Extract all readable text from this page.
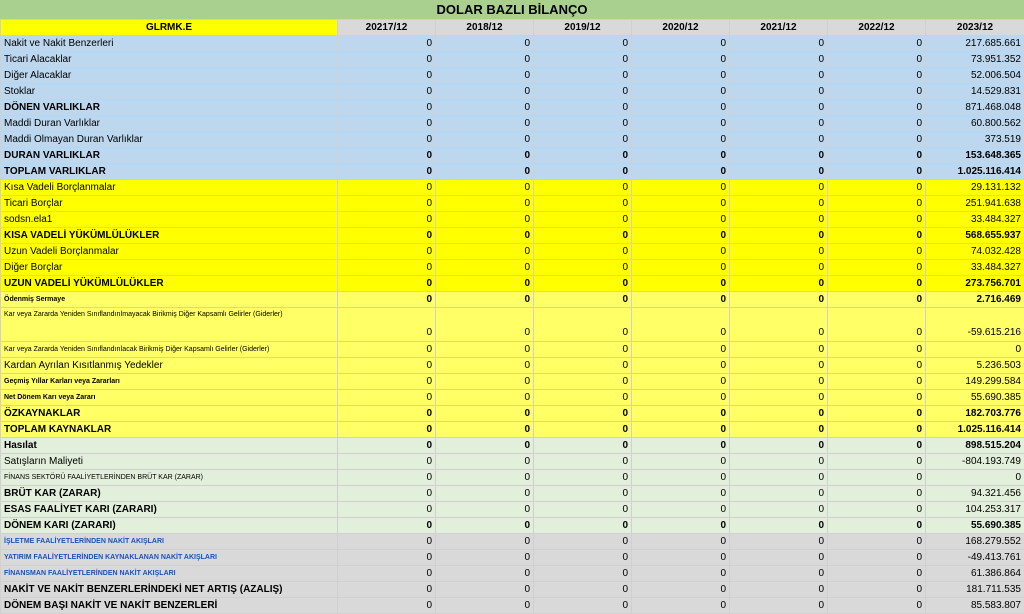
DOLAR BAZLI BİLANÇO
GLRMK.E	20217/12	2018/12	2019/12	2020/12	2021/12	2022/12	2023/12
Nakit ve Nakit Benzerleri	0	0	0	0	0	0	217.685.661
Ticari Alacaklar	0	0	0	0	0	0	73.951.352
Diğer Alacaklar	0	0	0	0	0	0	52.006.504
Stoklar	0	0	0	0	0	0	14.529.831
DÖNEN VARLIKLAR	0	0	0	0	0	0	871.468.048
Maddi Duran Varlıklar	0	0	0	0	0	0	60.800.562
Maddi Olmayan Duran Varlıklar	0	0	0	0	0	0	373.519
DURAN VARLIKLAR	0	0	0	0	0	0	153.648.365
TOPLAM VARLIKLAR	0	0	0	0	0	0	1.025.116.414
Kısa Vadeli Borçlanmalar	0	0	0	0	0	0	29.131.132
Ticari Borçlar	0	0	0	0	0	0	251.941.638
sodsn.ela1	0	0	0	0	0	0	33.484.327
KISA VADELİ YÜKÜMLÜLÜKLER	0	0	0	0	0	0	568.655.937
Uzun Vadeli Borçlanmalar	0	0	0	0	0	0	74.032.428
Diğer Borçlar	0	0	0	0	0	0	33.484.327
UZUN VADELİ YÜKÜMLÜLÜKLER	0	0	0	0	0	0	273.756.701
Ödenmiş Sermaye	0	0	0	0	0	0	2.716.469
Kar veya Zararda Yeniden Sınıflandırılmayacak Birikmiş Diğer Kapsamlı Gelirler (Giderler)	0	0	0	0	0	0	-59.615.216
Kar veya Zararda Yeniden Sınıflandırılacak Birikmiş Diğer Kapsamlı Gelirler (Giderler)	0	0	0	0	0	0	0
Kardan Ayrılan Kısıtlanmış Yedekler	0	0	0	0	0	0	5.236.503
Geçmiş Yıllar Karları veya Zararları	0	0	0	0	0	0	149.299.584
Net Dönem Karı veya Zararı	0	0	0	0	0	0	55.690.385
ÖZKAYNAKLAR	0	0	0	0	0	0	182.703.776
TOPLAM KAYNAKLAR	0	0	0	0	0	0	1.025.116.414
Hasılat	0	0	0	0	0	0	898.515.204
Satışların Maliyeti	0	0	0	0	0	0	-804.193.749
FİNANS SEKTÖRÜ FAALİYETLERİNDEN BRÜT KAR (ZARAR)	0	0	0	0	0	0	0
BRÜT KAR (ZARAR)	0	0	0	0	0	0	94.321.456
ESAS FAALİYET KARI (ZARARI)	0	0	0	0	0	0	104.253.317
DÖNEM KARI (ZARARI)	0	0	0	0	0	0	55.690.385
İŞLETME FAALİYETLERİNDEN NAKİT AKIŞLARI	0	0	0	0	0	0	168.279.552
YATIRIM FAALİYETLERİNDEN KAYNAKLANAN NAKİT AKIŞLARI	0	0	0	0	0	0	-49.413.761
FİNANSMAN FAALİYETLERİNDEN NAKİT AKIŞLARI	0	0	0	0	0	0	61.386.864
NAKİT VE NAKİT BENZERLERİNDEKİ NET ARTIŞ (AZALIŞ)	0	0	0	0	0	0	181.711.535
DÖNEM BAŞI NAKİT VE NAKİT BENZERLERİ	0	0	0	0	0	0	85.583.807
